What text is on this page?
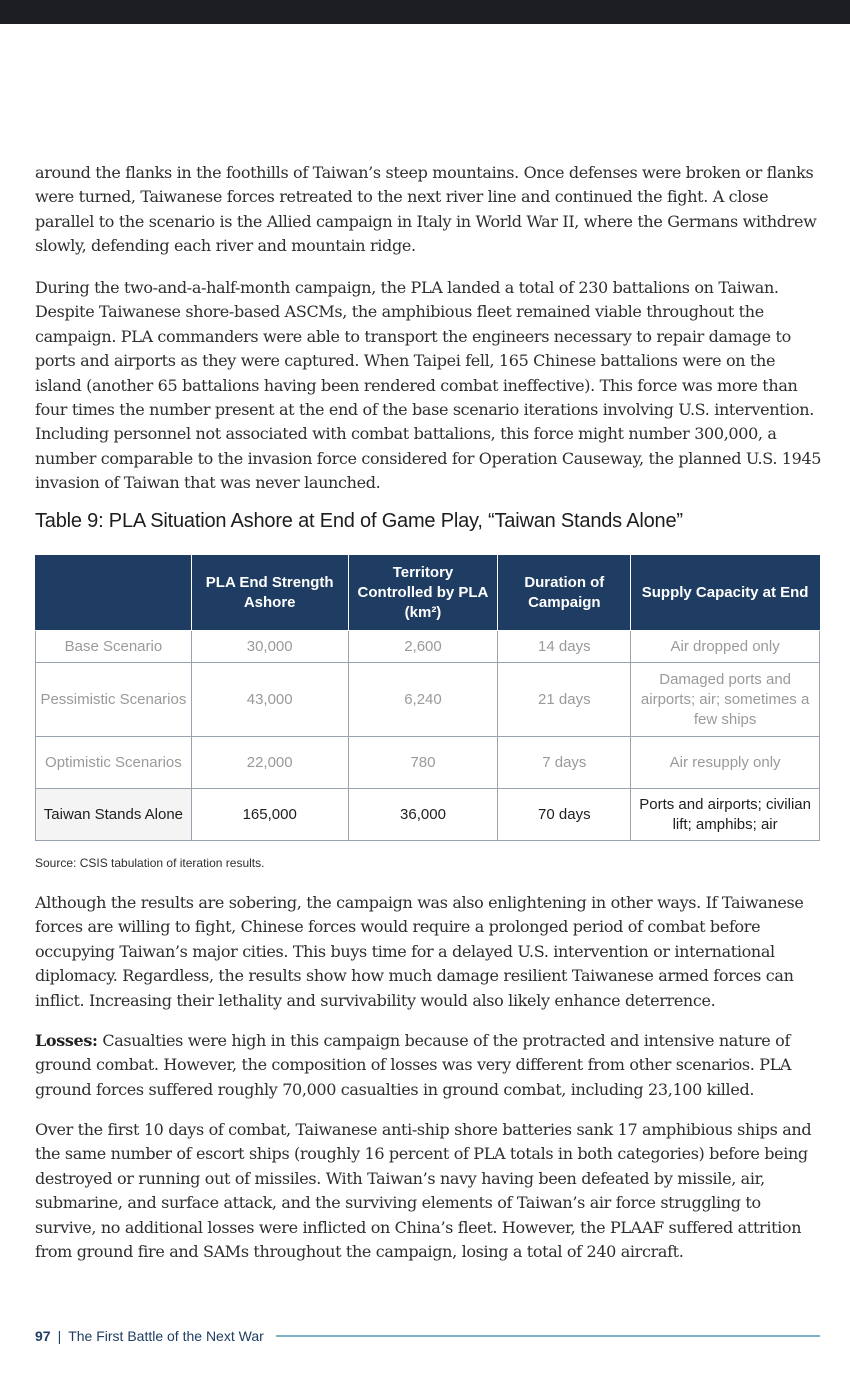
around the flanks in the foothills of Taiwan’s steep mountains. Once defenses were broken or flanks were turned, Taiwanese forces retreated to the next river line and continued the fight. A close parallel to the scenario is the Allied campaign in Italy in World War II, where the Germans withdrew slowly, defending each river and mountain ridge.

During the two-and-a-half-month campaign, the PLA landed a total of 230 battalions on Taiwan. Despite Taiwanese shore-based ASCMs, the amphibious fleet remained viable throughout the campaign. PLA commanders were able to transport the engineers necessary to repair damage to ports and airports as they were captured. When Taipei fell, 165 Chinese battalions were on the island (another 65 battalions having been rendered combat ineffective). This force was more than four times the number present at the end of the base scenario iterations involving U.S. intervention. Including personnel not associated with combat battalions, this force might number 300,000, a number comparable to the invasion force considered for Operation Causeway, the planned U.S. 1945 invasion of Taiwan that was never launched.

Table 9: PLA Situation Ashore at End of Game Play, “Taiwan Stands Alone”

	PLA End Strength Ashore	Territory Controlled by PLA (km²)	Duration of Campaign	Supply Capacity at End
Base Scenario	30,000	2,600	14 days	Air dropped only
Pessimistic Scenarios	43,000	6,240	21 days	Damaged ports and airports; air; sometimes a few ships
Optimistic Scenarios	22,000	780	7 days	Air resupply only
Taiwan Stands Alone	165,000	36,000	70 days	Ports and airports; civilian lift; amphibs; air

Source: CSIS tabulation of iteration results.

Although the results are sobering, the campaign was also enlightening in other ways. If Taiwanese forces are willing to fight, Chinese forces would require a prolonged period of combat before occupying Taiwan’s major cities. This buys time for a delayed U.S. intervention or international diplomacy. Regardless, the results show how much damage resilient Taiwanese armed forces can inflict. Increasing their lethality and survivability would also likely enhance deterrence.

Losses: Casualties were high in this campaign because of the protracted and intensive nature of ground combat. However, the composition of losses was very different from other scenarios. PLA ground forces suffered roughly 70,000 casualties in ground combat, including 23,100 killed.

Over the first 10 days of combat, Taiwanese anti-ship shore batteries sank 17 amphibious ships and the same number of escort ships (roughly 16 percent of PLA totals in both categories) before being destroyed or running out of missiles. With Taiwan’s navy having been defeated by missile, air, submarine, and surface attack, and the surviving elements of Taiwan’s air force struggling to survive, no additional losses were inflicted on China’s fleet. However, the PLAAF suffered attrition from ground fire and SAMs throughout the campaign, losing a total of 240 aircraft.

97 | The First Battle of the Next War
